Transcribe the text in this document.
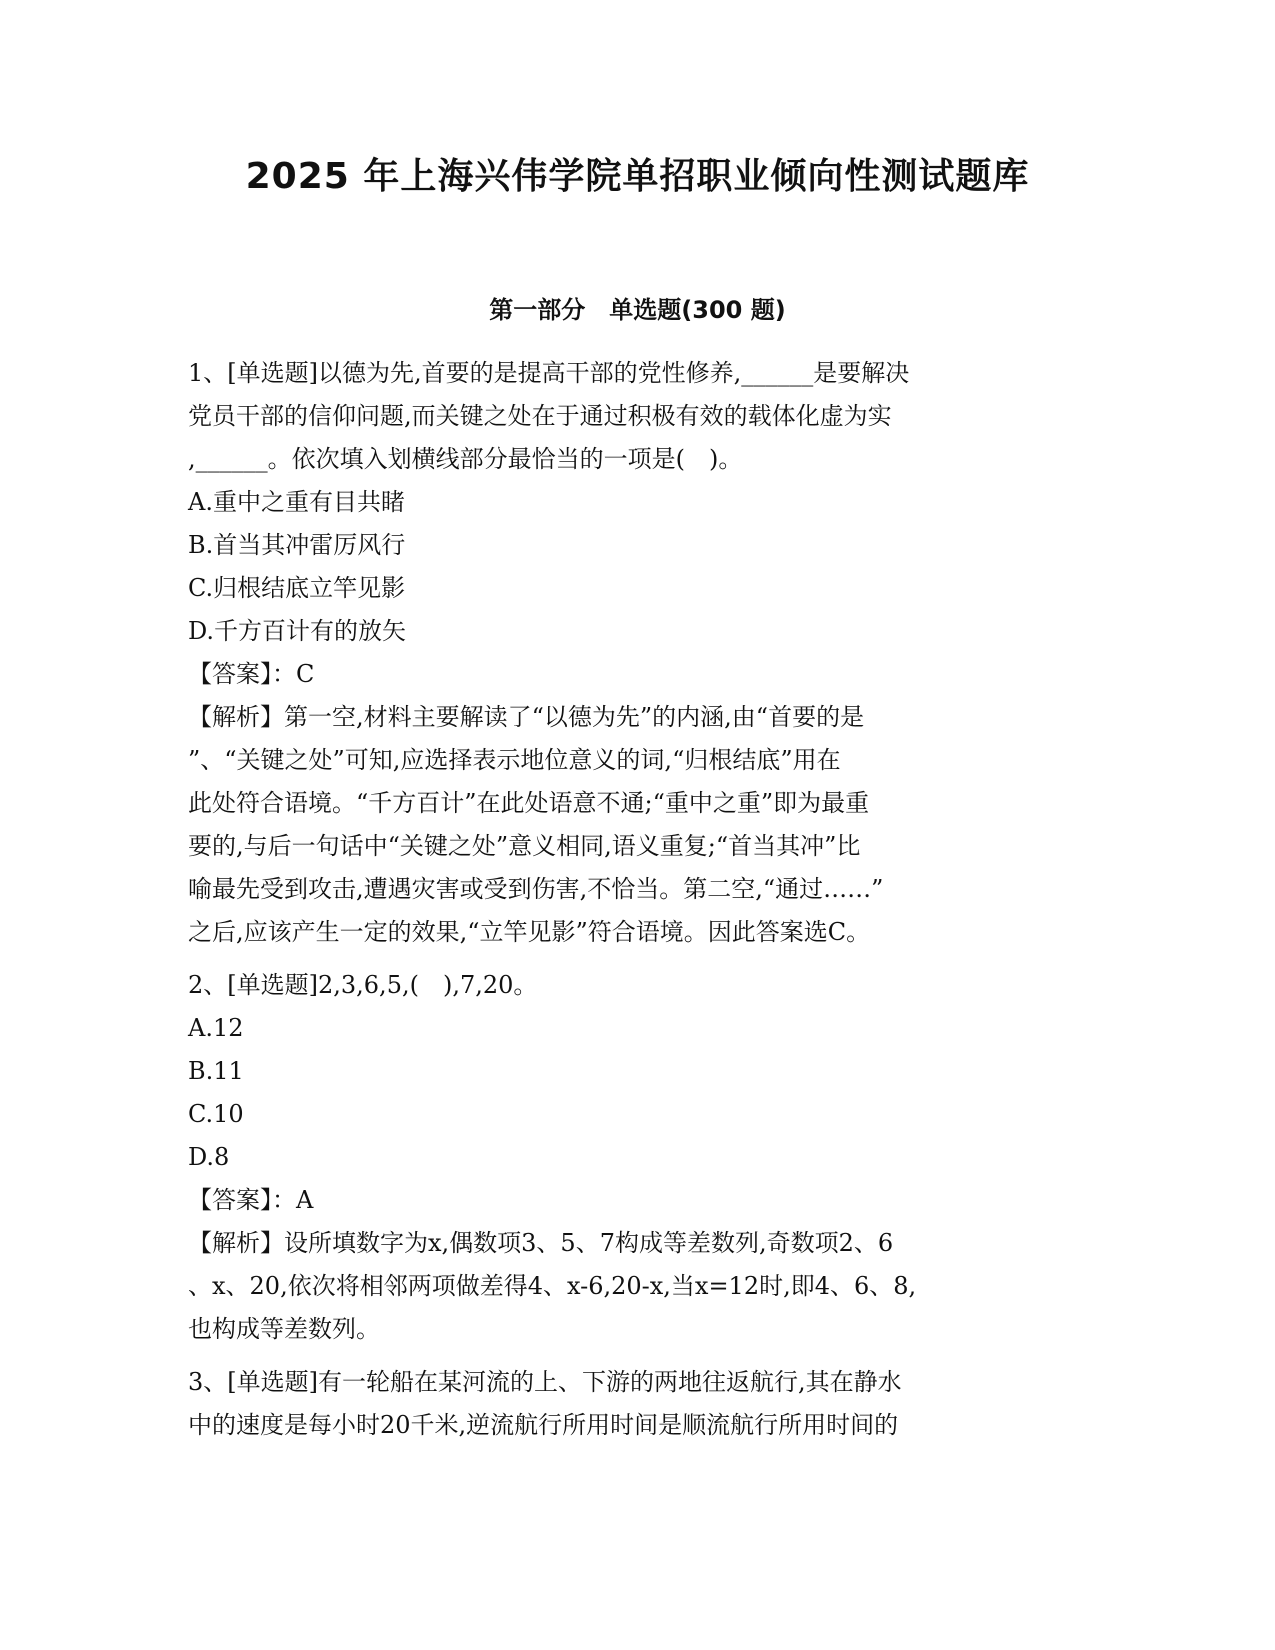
2025 年上海兴伟学院单招职业倾向性测试题库
第一部分　单选题(300 题)
1、[单选题]以德为先,首要的是提高干部的党性修养,______是要解决
党员干部的信仰问题,而关键之处在于通过积极有效的载体化虚为实
,______。依次填入划横线部分最恰当的一项是(　)。
A.重中之重有目共睹
B.首当其冲雷厉风行
C.归根结底立竿见影
D.千方百计有的放矢
【答案】：C
【解析】第一空,材料主要解读了“以德为先”的内涵,由“首要的是
”、“关键之处”可知,应选择表示地位意义的词,“归根结底”用在
此处符合语境。“千方百计”在此处语意不通;“重中之重”即为最重
要的,与后一句话中“关键之处”意义相同,语义重复;“首当其冲”比
喻最先受到攻击,遭遇灾害或受到伤害,不恰当。第二空,“通过……”
之后,应该产生一定的效果,“立竿见影”符合语境。因此答案选C。
2、[单选题]2,3,6,5,(　),7,20。
A.12
B.11
C.10
D.8
【答案】：A
【解析】设所填数字为x,偶数项3、5、7构成等差数列,奇数项2、6
、x、20,依次将相邻两项做差得4、x-6,20-x,当x=12时,即4、6、8,
也构成等差数列。
3、[单选题]有一轮船在某河流的上、下游的两地往返航行,其在静水
中的速度是每小时20千米,逆流航行所用时间是顺流航行所用时间的
